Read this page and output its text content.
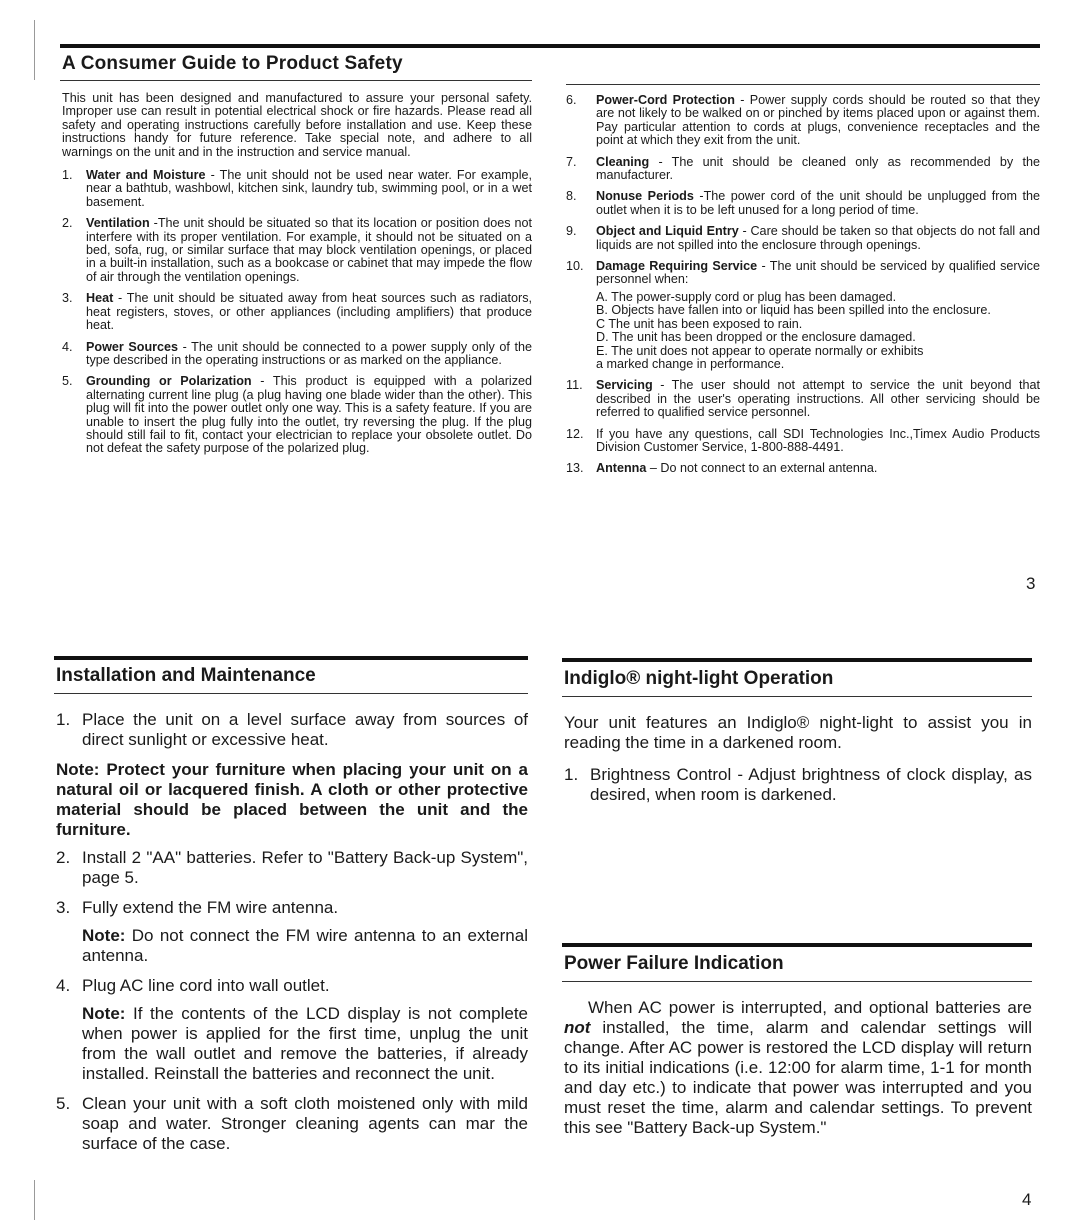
A Consumer Guide to Product Safety
This unit has been designed and manufactured to assure your personal safety. Improper use can result in potential electrical shock or fire hazards. Please read all safety and operating instructions carefully before installation and use. Keep these instructions handy for future reference. Take special note, and adhere to all warnings on the unit and in the instruction and service manual.
1.	Water and Moisture - The unit should not be used near water. For example, near a bathtub, washbowl, kitchen sink, laundry tub, swimming pool, or in a wet basement.
2.	Ventilation -The unit should be situated so that its location or position does not interfere with its proper ventilation. For example, it should not be situated on a bed, sofa, rug, or similar surface that may block ventilation openings, or placed in a built-in installation, such as a bookcase or cabinet that may impede the flow of air through the ventilation openings.
3.	Heat - The unit should be situated away from heat sources such as radiators, heat registers, stoves, or other appliances (including amplifiers) that produce heat.
4.	Power Sources - The unit should be connected to a power supply only of the type described in the operating instructions or as marked on the appliance.
5.	Grounding or Polarization - This product is equipped with a polarized alternating current line plug (a plug having one blade wider than the other). This plug will fit into the power outlet only one way. This is a safety feature. If you are unable to insert the plug fully into the outlet, try reversing the plug. If the plug should still fail to fit, contact your electrician to replace your obsolete outlet. Do not defeat the safety purpose of the polarized plug.
6.	Power-Cord Protection - Power supply cords should be routed so that they are not likely to be walked on or pinched by items placed upon or against them. Pay particular attention to cords at plugs, convenience receptacles and the point at which they exit from the unit.
7.	Cleaning - The unit should be cleaned only as recommended by the manufacturer.
8.	Nonuse Periods -The power cord of the unit should be unplugged from the outlet when it is to be left unused for a long period of time.
9.	Object and Liquid Entry - Care should be taken so that objects do not fall and liquids are not spilled into the enclosure through openings.
10. Damage Requiring Service - The unit should be serviced by qualified service personnel when:

A. The power-supply cord or plug has been damaged.

B. Objects have fallen into or liquid has been spilled into the enclosure.

C The unit has been exposed to rain.

D. The unit has been dropped or the enclosure damaged.

E. The unit does not appear to operate normally or exhibits

a marked change in performance.

11.	Servicing - The user should not attempt to service the unit beyond that described in the user's operating instructions. All other servicing should be referred to qualified service personnel.
12. If you have any questions, call SDI Technologies Inc.,Timex Audio Products Division Customer Service, 1-800-888-4491.
13. Antenna – Do not connect to an external antenna.
3
Installation and Maintenance
1. Place the unit on a level surface away from sources of direct sunlight or excessive heat.

Note: Protect your furniture when placing your unit on a natural oil or lacquered finish. A cloth or other protective material should be placed between the unit and the furniture.

2. Install 2 "AA" batteries. Refer to "Battery Back-up System", page 5.
3. Fully extend the FM wire antenna.
Note: Do not connect the FM wire antenna to an external antenna.
4. Plug AC line cord into wall outlet.
Note: If the contents of the LCD display is not complete when power is applied for the first time, unplug the unit from the wall outlet and remove the batteries, if already installed. Reinstall the batteries and reconnect the unit.
5. Clean your unit with a soft cloth moistened only with mild soap and water. Stronger cleaning agents can mar the surface of the case.
Indiglo® night-light Operation
Your unit features an Indiglo® night-light to assist you in reading the time in a darkened room.
1. Brightness Control - Adjust brightness of clock display, as desired, when room is darkened.
Power Failure Indication
When AC power is interrupted, and optional batteries are not installed, the time, alarm and calendar settings will change. After AC power is restored the LCD display will return to its initial indications (i.e. 12:00 for alarm time, 1-1 for month and day etc.) to indicate that power was interrupted and you must reset the time, alarm and calendar settings. To prevent this see "Battery Back-up System."
4
